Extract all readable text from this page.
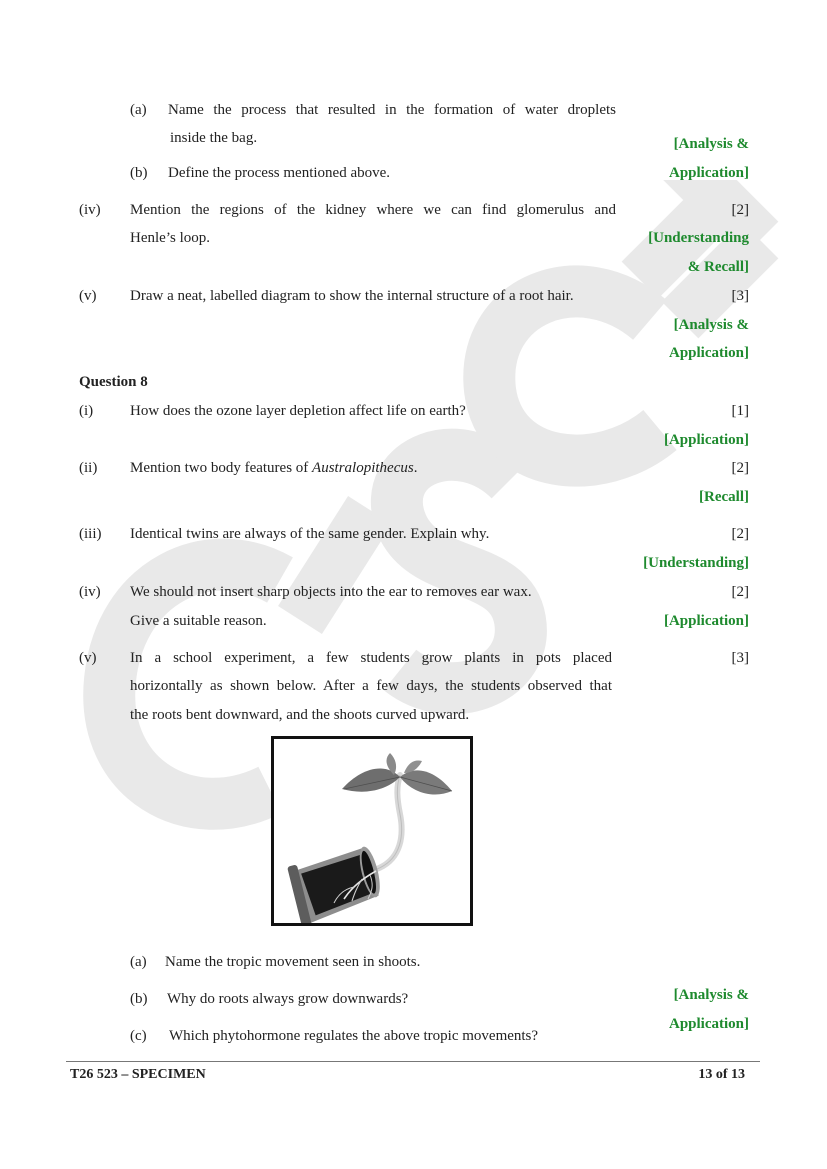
(a) Name the process that resulted in the formation of water droplets
inside the bag.	[Analysis &
(b) Define the process mentioned above.	Application]
(iv) Mention the regions of the kidney where we can find glomerulus and
Henle’s loop.
[2]
[Understanding
& Recall]
(v) Draw a neat, labelled diagram to show the internal structure of a root hair.	[3]
[Analysis &
Application]
Question 8
(i) How does the ozone layer depletion affect life on earth?	[1]
[Application]
(ii) Mention two body features of Australopithecus.	[2]
[Recall]
(iii) Identical twins are always of the same gender. Explain why.	[2]
[Understanding]
(iv) We should not insert sharp objects into the ear to removes ear wax.
Give a suitable reason.
[2]
[Application]
(v) In a school experiment, a few students grow plants in pots placed
horizontally as shown below. After a few days, the students observed that
the roots bent downward, and the shoots curved upward.
[3]
(a) Name the tropic movement seen in shoots.
(b) Why do roots always grow downwards?	[Analysis &
(c) Which phytohormone regulates the above tropic movements?
Application]
T26 523 – SPECIMEN	13 of 13
